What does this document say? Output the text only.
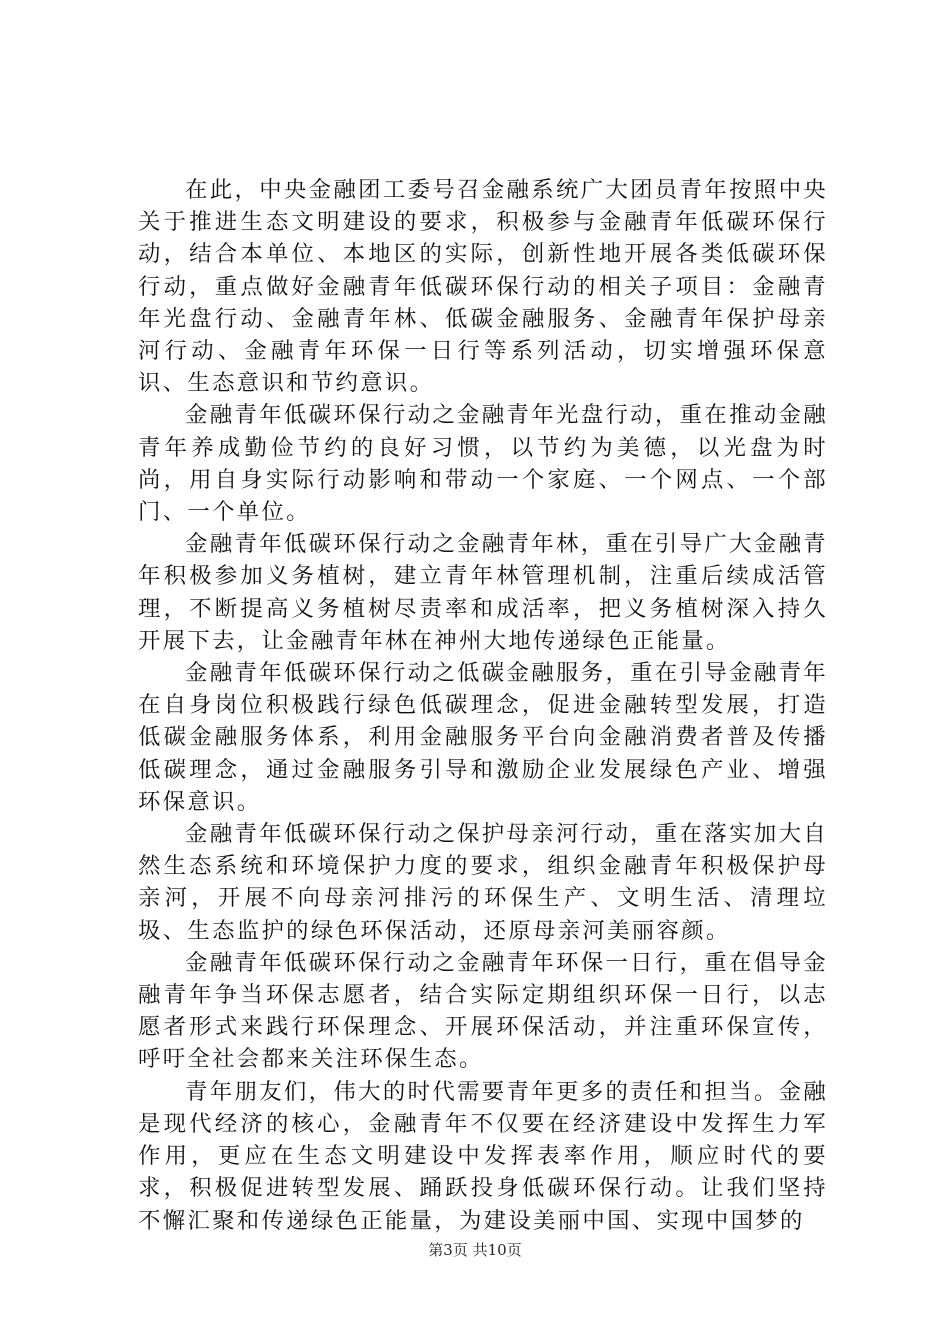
在此，中央金融团工委号召金融系统广大团员青年按照中央关于推进生态文明建设的要求，积极参与金融青年低碳环保行动，结合本单位、本地区的实际，创新性地开展各类低碳环保行动，重点做好金融青年低碳环保行动的相关子项目：金融青年光盘行动、金融青年林、低碳金融服务、金融青年保护母亲河行动、金融青年环保一日行等系列活动，切实增强环保意识、生态意识和节约意识。

金融青年低碳环保行动之金融青年光盘行动，重在推动金融青年养成勤俭节约的良好习惯，以节约为美德，以光盘为时尚，用自身实际行动影响和带动一个家庭、一个网点、一个部门、一个单位。

金融青年低碳环保行动之金融青年林，重在引导广大金融青年积极参加义务植树，建立青年林管理机制，注重后续成活管理，不断提高义务植树尽责率和成活率，把义务植树深入持久开展下去，让金融青年林在神州大地传递绿色正能量。

金融青年低碳环保行动之低碳金融服务，重在引导金融青年在自身岗位积极践行绿色低碳理念，促进金融转型发展，打造低碳金融服务体系，利用金融服务平台向金融消费者普及传播低碳理念，通过金融服务引导和激励企业发展绿色产业、增强环保意识。

金融青年低碳环保行动之保护母亲河行动，重在落实加大自然生态系统和环境保护力度的要求，组织金融青年积极保护母亲河，开展不向母亲河排污的环保生产、文明生活、清理垃圾、生态监护的绿色环保活动，还原母亲河美丽容颜。

金融青年低碳环保行动之金融青年环保一日行，重在倡导金融青年争当环保志愿者，结合实际定期组织环保一日行，以志愿者形式来践行环保理念、开展环保活动，并注重环保宣传，呼吁全社会都来关注环保生态。

青年朋友们，伟大的时代需要青年更多的责任和担当。金融是现代经济的核心，金融青年不仅要在经济建设中发挥生力军作用，更应在生态文明建设中发挥表率作用，顺应时代的要求，积极促进转型发展、踊跃投身低碳环保行动。让我们坚持不懈汇聚和传递绿色正能量，为建设美丽中国、实现中国梦的

第3页 共10页
